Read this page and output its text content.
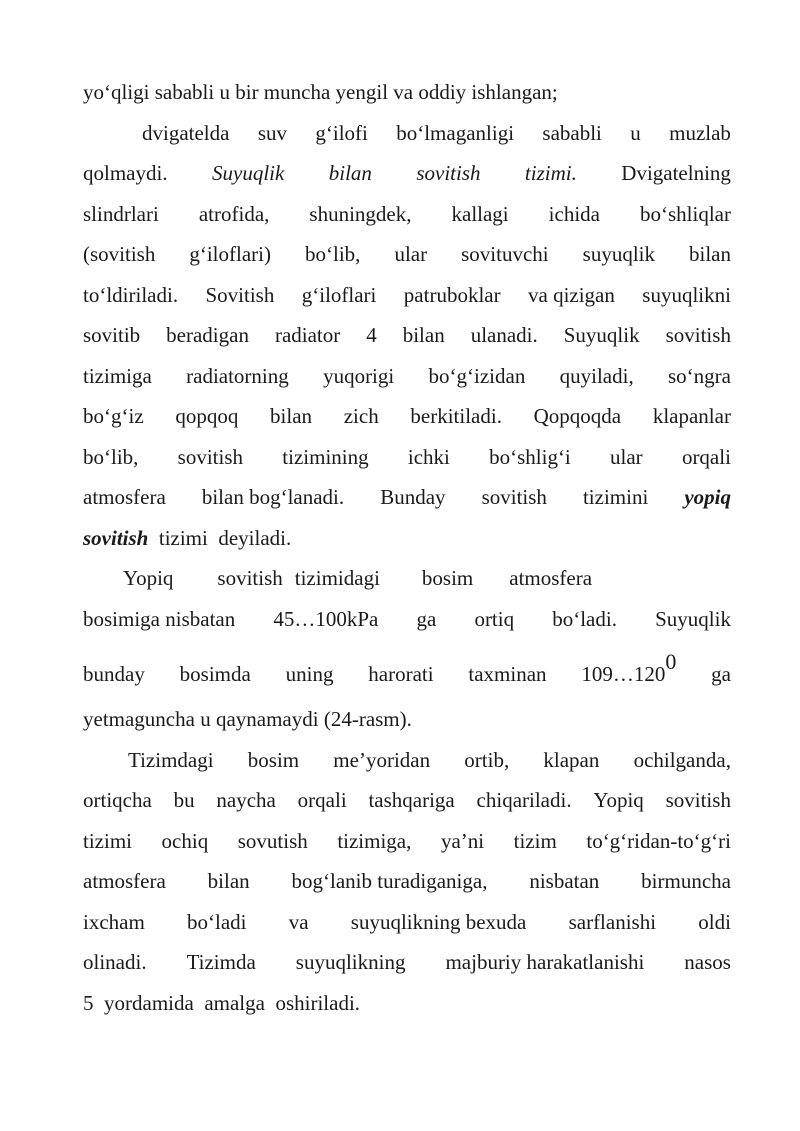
yo‘qligi sababli u bir muncha yengil va oddiy ishlangan;
dvigatelda suv g‘ilofi bo‘lmaganligi sababli u muzlab
qolmaydi. Suyuqlik bilan sovitish tizimi. Dvigatelning
slindrlari atrofida, shuningdek, kallagi ichida bo‘shliqlar
(sovitish g‘iloflari) bo‘lib, ular sovituvchi suyuqlik bilan
to‘ldiriladi. Sovitish g‘iloflari patruboklar va qizigan suyuqlikni
sovitib beradigan radiator 4 bilan ulanadi. Suyuqlik sovitish
tizimiga radiatorning yuqorigi bo‘g‘izidan quyiladi, so‘ngra
bo‘g‘iz qopqoq bilan zich berkitiladi. Qopqoqda klapanlar
bo‘lib, sovitish tizimining ichki bo‘shlig‘i ular orqali
atmosfera bilan bog‘lanadi. Bunday sovitish tizimini yopiq
sovitish tizimi deyiladi.
Yopiq sovitish tizimidagi bosim atmosfera
bosimiga nisbatan 45…100kPa ga ortiq bo‘ladi. Suyuqlik
bunday bosimda uning harorati taxminan 109…1200 ga
yetmaguncha u qaynamaydi (24-rasm).
Tizimdagi bosim me’yoridan ortib, klapan ochilganda,
ortiqcha bu naycha orqali tashqariga chiqariladi. Yopiq sovitish
tizimi ochiq sovutish tizimiga, ya’ni tizim to‘g‘ridan-to‘g‘ri
atmosfera bilan bog‘lanib turadiganiga, nisbatan birmuncha
ixcham bo‘ladi va suyuqlikning bexuda sarflanishi oldi
olinadi. Tizimda suyuqlikning majburiy harakatlanishi nasos
5 yordamida amalga oshiriladi.
